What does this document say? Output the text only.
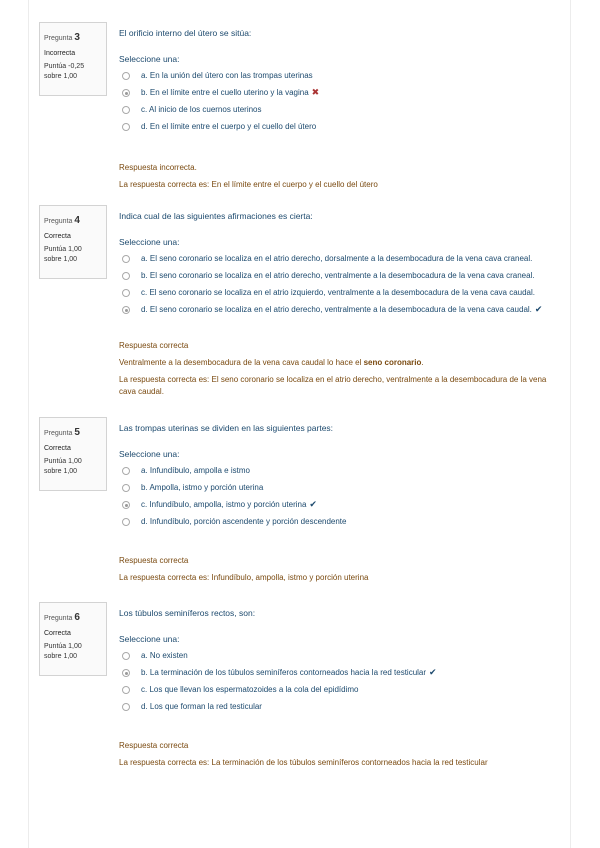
Pregunta 3
Incorrecta
Puntúa -0,25
sobre 1,00
El orificio interno del útero se sitúa:
Seleccione una:
a. En la unión del útero con las trompas uterinas
b. En el límite entre el cuello uterino y la vagina ✖
c. Al inicio de los cuernos uterinos
d. En el límite entre el cuerpo y el cuello del útero
Respuesta incorrecta.
La respuesta correcta es: En el límite entre el cuerpo y el cuello del útero
Pregunta 4
Correcta
Puntúa 1,00
sobre 1,00
Indica cual de las siguientes afirmaciones es cierta:
Seleccione una:
a. El seno coronario se localiza en el atrio derecho, dorsalmente a la desembocadura de la vena cava craneal.
b. El seno coronario se localiza en el atrio derecho, ventralmente a la desembocadura de la vena cava craneal.
c. El seno coronario se localiza en el atrio izquierdo, ventralmente a la desembocadura de la vena cava caudal.
d. El seno coronario se localiza en el atrio derecho, ventralmente a la desembocadura de la vena cava caudal. ✔
Respuesta correcta
Ventralmente a la desembocadura de la vena cava caudal lo hace el seno coronario.
La respuesta correcta es: El seno coronario se localiza en el atrio derecho, ventralmente a la desembocadura de la vena cava caudal.
Pregunta 5
Correcta
Puntúa 1,00
sobre 1,00
Las trompas uterinas se dividen en las siguientes partes:
Seleccione una:
a. Infundíbulo, ampolla e istmo
b. Ampolla, istmo y porción uterina
c. Infundíbulo, ampolla, istmo y porción uterina ✔
d. Infundíbulo, porción ascendente y porción descendente
Respuesta correcta
La respuesta correcta es: Infundíbulo, ampolla, istmo y porción uterina
Pregunta 6
Correcta
Puntúa 1,00
sobre 1,00
Los túbulos seminíferos rectos, son:
Seleccione una:
a. No existen
b. La terminación de los túbulos seminíferos contorneados hacia la red testicular ✔
c. Los que llevan los espermatozoides a la cola del epidídimo
d. Los que forman la red testicular
Respuesta correcta
La respuesta correcta es: La terminación de los túbulos seminíferos contorneados hacia la red testicular
